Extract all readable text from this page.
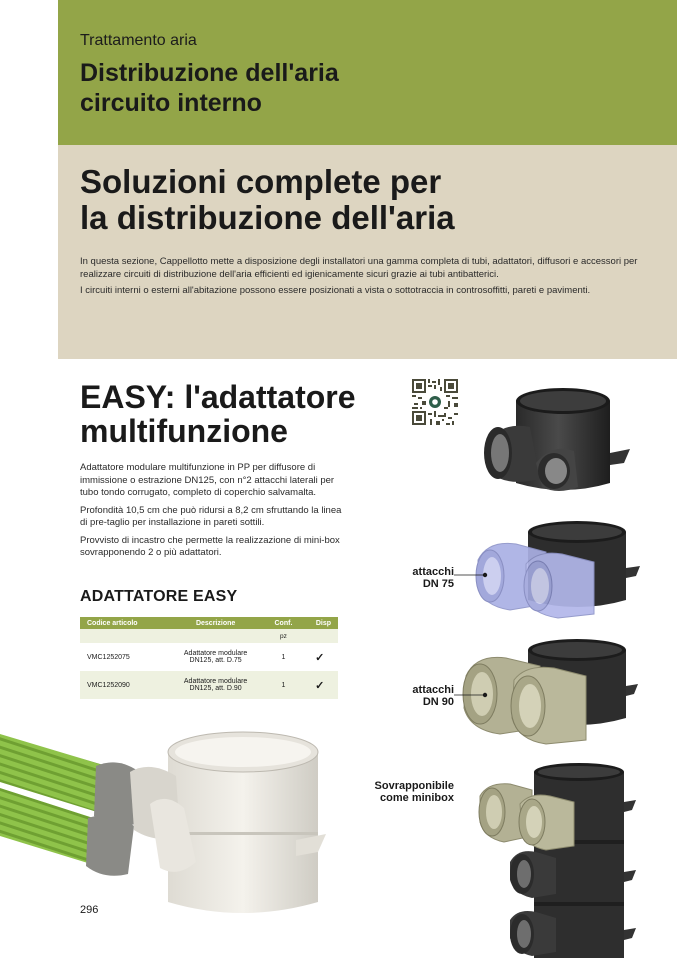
Trattamento aria

Distribuzione dell'aria
circuito interno
Soluzioni complete per
la distribuzione dell'aria

In questa sezione, Cappellotto mette a disposizione degli installatori una gamma completa di tubi, adattatori, diffusori e accessori per realizzare circuiti di distribuzione dell'aria efficienti ed igienicamente sicuri grazie ai tubi antibatterici.

I circuiti interni o esterni all'abitazione possono essere posizionati a vista o sottotraccia in controsoffitti, pareti e pavimenti.

EASY: l'adattatore
multifunzione

Adattatore modulare multifunzione in PP per diffusore di immissione o estrazione DN125, con n°2 attacchi laterali per tubo tondo corrugato, completo di coperchio salvamalta.

Profondità 10,5 cm che può ridursi a 8,2 cm sfruttando la linea di pre-taglio per installazione in pareti sottili.

Provvisto di incastro che permette la realizzazione di mini-box sovrapponendo 2 o più adattatori.

ADATTATORE EASY
Codice articolo	Descrizione	Conf.	Disp
		pz	
VMC1252075	Adattatore modulare
DN125, att. D.75	1	✓
VMC1252090	Adattatore modulare
DN125, att. D.90	1	✓
attacchi
DN 75
attacchi
DN 90
Sovrapponibile
come minibox
296
